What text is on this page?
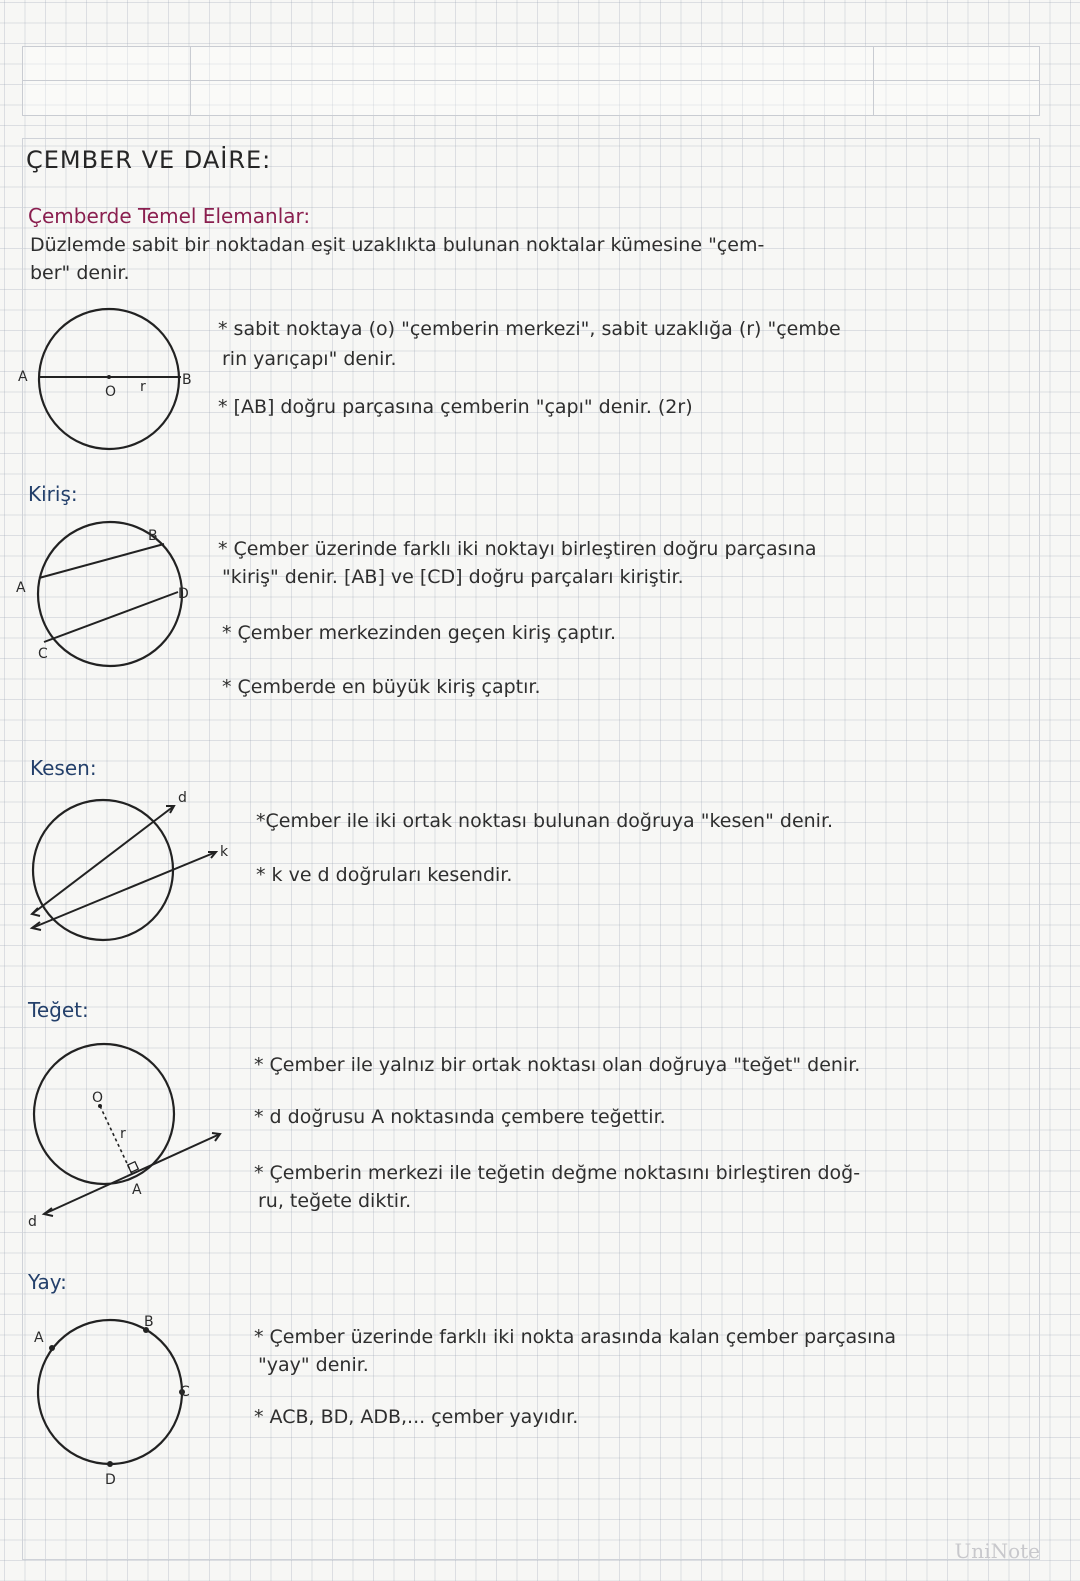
ÇEMBER VE DAİRE:

Çemberde Temel Elemanlar:

Düzlemde sabit bir noktadan eşit uzaklıkta bulunan noktalar kümesine "çem-

ber" denir.

A	B
O r

* sabit noktaya (o) "çemberin merkezi", sabit uzaklığa (r) "çembe

rin yarıçapı" denir.

* [AB] doğru parçasına çemberin "çapı" denir. (2r)

Kiriş:

A
B
C
D

* Çember üzerinde farklı iki noktayı birleştiren doğru parçasına

"kiriş" denir. [AB] ve [CD] doğru parçaları kiriştir.

* Çember merkezinden geçen kiriş çaptır.

* Çemberde en büyük kiriş çaptır.

Kesen:

d
k

*Çember ile iki ortak noktası bulunan doğruya "kesen" denir.

* k ve d doğruları kesendir.

Teğet:

O
r
A
d

* Çember ile yalnız bir ortak noktası olan doğruya "teğet" denir.

* d doğrusu A noktasında çembere teğettir.

* Çemberin merkezi ile teğetin değme noktasını birleştiren doğ-

ru, teğete diktir.

Yay:

A
B
C
D

* Çember üzerinde farklı iki nokta arasında kalan çember parçasına

"yay" denir.

* ACB, BD, ADB,... çember yayıdır.

UniNote
